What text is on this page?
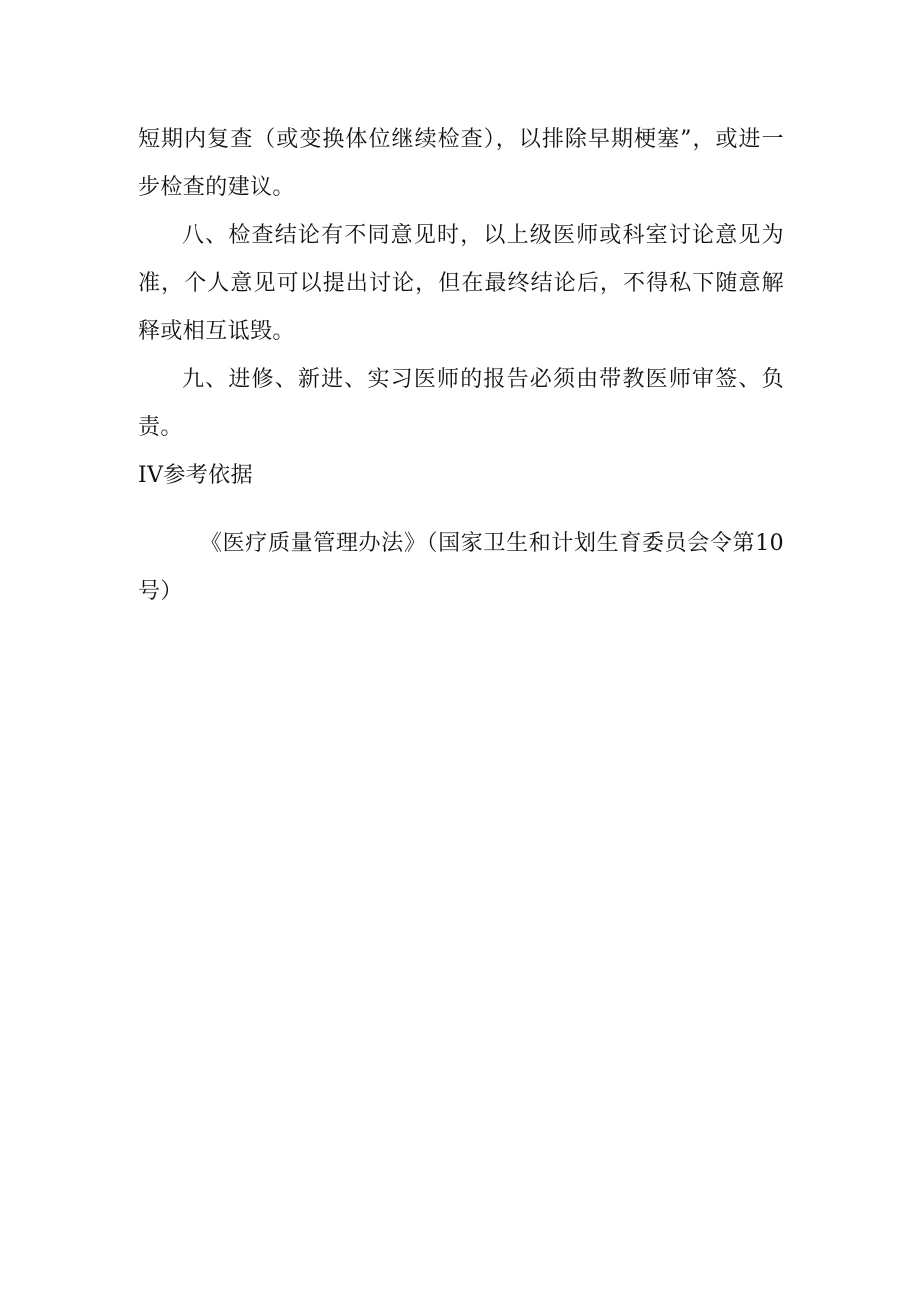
短期内复查（或变换体位继续检查），以排除早期梗塞”，或进一步检查的建议。

八、检查结论有不同意见时，以上级医师或科室讨论意见为准，个人意见可以提出讨论，但在最终结论后，不得私下随意解释或相互诋毁。

九、进修、新进、实习医师的报告必须由带教医师审签、负责。

IV参考依据

《医疗质量管理办法》（国家卫生和计划生育委员会令第10号）
